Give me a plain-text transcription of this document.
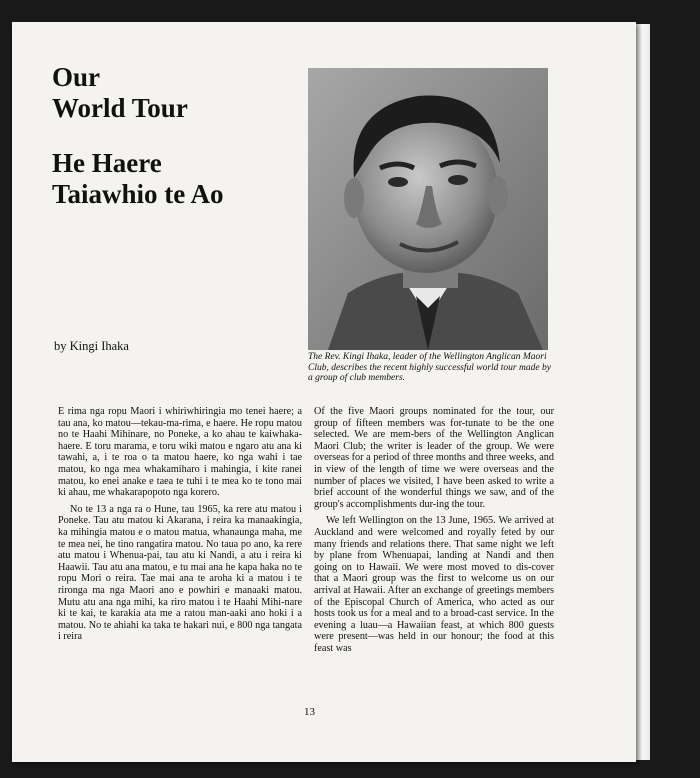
Our
World Tour
He Haere
Taiawhio te Ao
by Kingi Ihaka
The Rev. Kingi Ihaka, leader of the Wellington Anglican Maori Club, describes the recent highly successful world tour made by a group of club members.

E rima nga ropu Maori i whiriwhiringia mo tenei haere; a tau ana, ko matou—tekau-ma-rima, e haere. He ropu matou no te Haahi Mihinare, no Poneke, a ko ahau te kaiwhaka-haere. E toru marama, e toru wiki matou e ngaro atu ana ki tawahi, a, i te roa o ta matou haere, ko nga wahi i tae matou, ko nga mea whakamiharo i mahingia, i kite ranei matou, ko enei anake e taea te tuhi i te mea ko te tono mai ki ahau, me whakarapopoto nga korero.

No te 13 a nga ra o Hune, tau 1965, ka rere atu matou i Poneke. Tau atu matou ki Akarana, i reira ka manaakingia, ka mihingia matou e o matou matua, whanaunga maha, me te mea nei, he tino rangatira matou. No taua po ano, ka rere atu matou i Whenua-pai, tau atu ki Nandi, a atu i reira ki Haawii. Tau atu ana matou, e tu mai ana he kapa haka no te ropu Mori o reira. Tae mai ana te aroha ki a matou i te rironga ma nga Maori ano e powhiri e manaaki matou. Mutu atu ana nga mihi, ka riro matou i te Haahi Mihi-nare ki te kai, te karakia ata me a ratou man-aaki ano hoki i a matou. No te ahiahi ka taka te hakari nui, e 800 nga tangata i reira

Of the five Maori groups nominated for the tour, our group of fifteen members was for-tunate to be the one selected. We are mem-bers of the Wellington Anglican Maori Club; the writer is leader of the group. We were overseas for a period of three months and three weeks, and in view of the length of time we were overseas and the number of places we visited, I have been asked to write a brief account of the wonderful things we saw, and of the group's accomplishments dur-ing the tour.

We left Wellington on the 13 June, 1965. We arrived at Auckland and were welcomed and royally feted by our many friends and relations there. That same night we left by plane from Whenuapai, landing at Nandi and then going on to Hawaii. We were most moved to dis-cover that a Maori group was the first to welcome us on our arrival at Hawaii. After an exchange of greetings members of the Episcopal Church of America, who acted as our hosts took us for a meal and to a broad-cast service. In the evening a luau—a Hawaiian feast, at which 800 guests were present—was held in our honour; the food at this feast was

13
